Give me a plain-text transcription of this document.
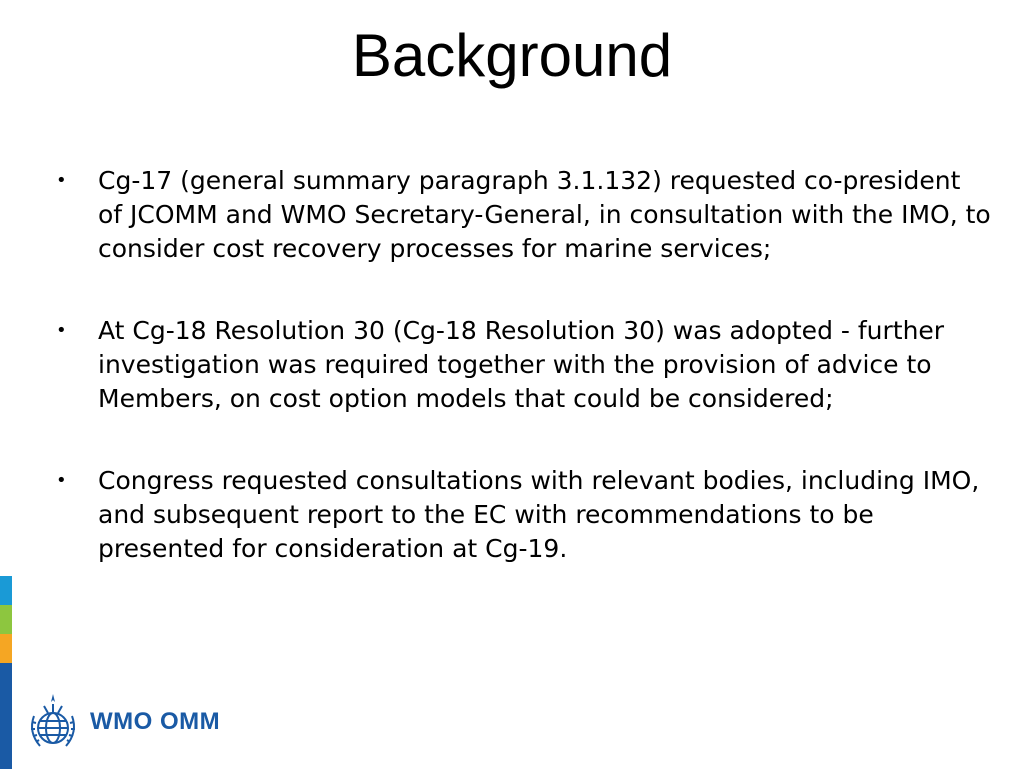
Background
• Cg-17 (general summary paragraph 3.1.132) requested co-president of JCOMM and WMO Secretary-General, in consultation with the IMO, to consider cost recovery processes for marine services;
• At Cg-18 Resolution 30 (Cg-18 Resolution 30) was adopted - further investigation was required together with the provision of advice to Members, on cost option models that could be considered;
• Congress requested consultations with relevant bodies, including IMO, and subsequent report to the EC with recommendations to be presented for consideration at Cg-19.
WMO OMM
